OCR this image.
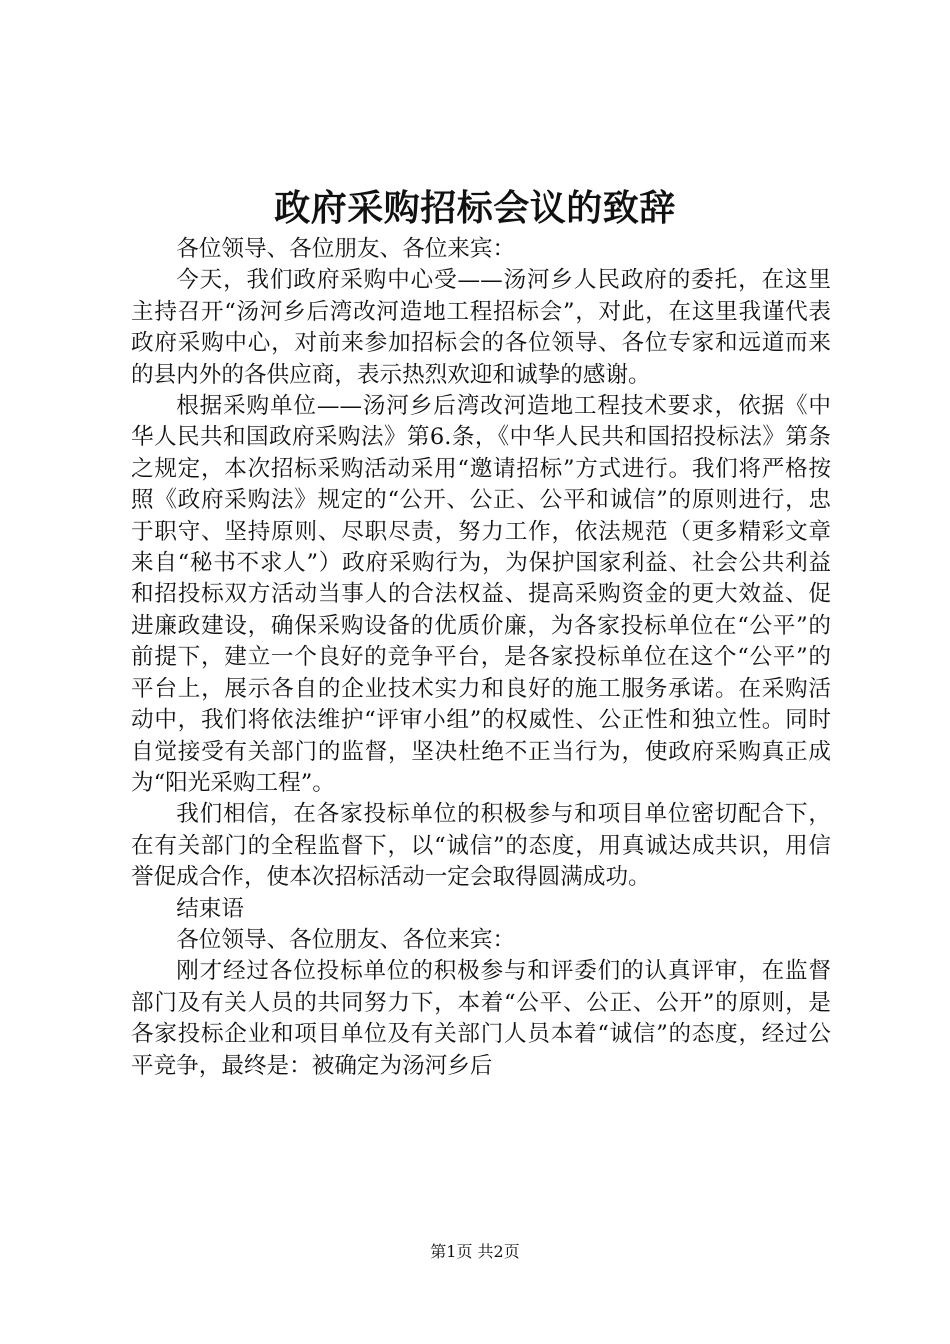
政府采购招标会议的致辞

各位领导、各位朋友、各位来宾：

今天，我们政府采购中心受——汤河乡人民政府的委托，在这里主持召开“汤河乡后湾改河造地工程招标会”，对此，在这里我谨代表政府采购中心，对前来参加招标会的各位领导、各位专家和远道而来的县内外的各供应商，表示热烈欢迎和诚挚的感谢。

根据采购单位——汤河乡后湾改河造地工程技术要求，依据《中华人民共和国政府采购法》第6.条，《中华人民共和国招投标法》第条之规定，本次招标采购活动采用“邀请招标”方式进行。我们将严格按照《政府采购法》规定的“公开、公正、公平和诚信”的原则进行，忠于职守、坚持原则、尽职尽责，努力工作，依法规范（更多精彩文章来自“秘书不求人”）政府采购行为，为保护国家利益、社会公共利益和招投标双方活动当事人的合法权益、提高采购资金的更大效益、促进廉政建设，确保采购设备的优质价廉，为各家投标单位在“公平”的前提下，建立一个良好的竞争平台，是各家投标单位在这个“公平”的平台上，展示各自的企业技术实力和良好的施工服务承诺。在采购活动中，我们将依法维护“评审小组”的权威性、公正性和独立性。同时自觉接受有关部门的监督，坚决杜绝不正当行为，使政府采购真正成为“阳光采购工程”。

我们相信，在各家投标单位的积极参与和项目单位密切配合下，在有关部门的全程监督下，以“诚信”的态度，用真诚达成共识，用信誉促成合作，使本次招标活动一定会取得圆满成功。

结束语

各位领导、各位朋友、各位来宾：

刚才经过各位投标单位的积极参与和评委们的认真评审，在监督部门及有关人员的共同努力下，本着“公平、公正、公开”的原则，是各家投标企业和项目单位及有关部门人员本着“诚信”的态度，经过公平竞争，最终是：被确定为汤河乡后

第1页 共2页
